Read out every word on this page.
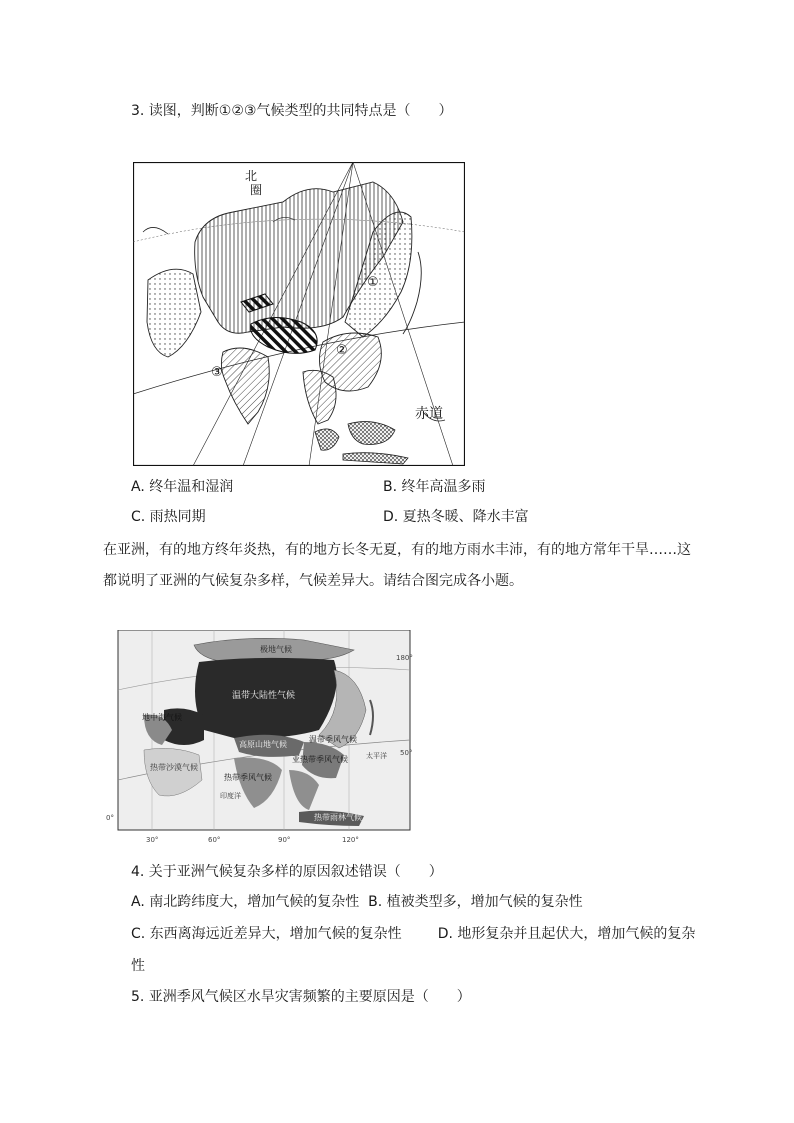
3. 读图，判断①②③气候类型的共同特点是（　　）
北
圈
赤道
①
②
③
A. 终年温和湿润	B. 终年高温多雨
C. 雨热同期	D. 夏热冬暖、降水丰富
在亚洲，有的地方终年炎热，有的地方长冬无夏，有的地方雨水丰沛，有的地方常年干旱……这
都说明了亚洲的气候复杂多样，气候差异大。请结合图完成各小题。
极地气候
温带大陆性气候
地中海气候
高原山地气候
温带季风气候
亚热带季风气候
热带沙漠气候
热带季风气候
热带雨林气候
太平洋
印度洋
30°	60°	90°	120°
180°
0°
50°
4. 关于亚洲气候复杂多样的原因叙述错误（　　）
A. 南北跨纬度大，增加气候的复杂性 B. 植被类型多，增加气候的复杂性
C. 东西离海远近差异大，增加气候的复杂性	D. 地形复杂并且起伏大，增加气候的复杂
性
5. 亚洲季风气候区水旱灾害频繁的主要原因是（　　）
